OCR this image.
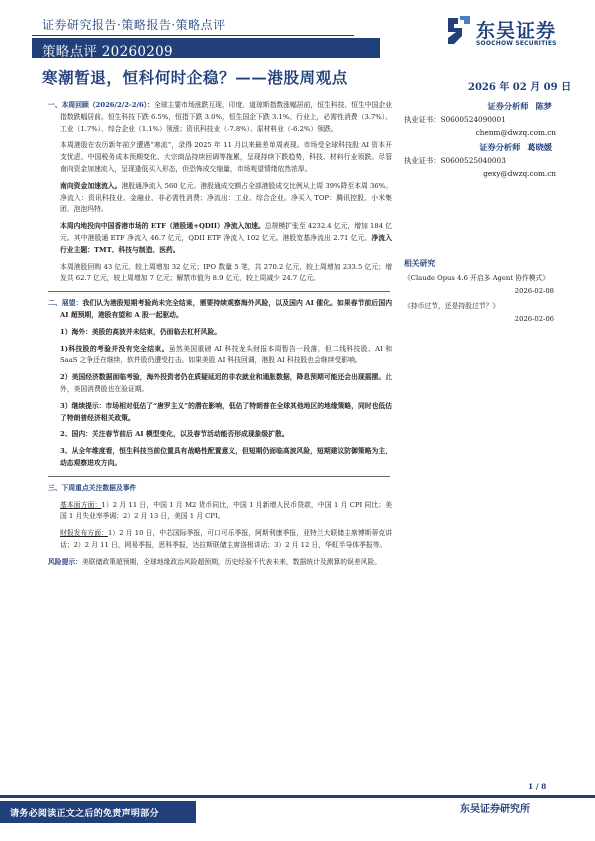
证券研究报告·策略报告·策略点评
策略点评 20260209
东吴证券
SOOCHOW SECURITIES
寒潮暂退，恒科何时企稳？——港股周观点
2026 年 02 月 09 日

一、本周回顾（2026/2/2-2/6）：全球主要市场涨跌互现，印度、道琼斯指数涨幅居前，恒生科技、恒生中国企业指数跌幅居前。恒生科技下跌 6.5%，恒指下跌 3.0%，恒生国企下跌 3.1%。行业上，必需性消费（3.7%）、工业（1.7%）、综合企业（1.1%）领涨；资讯科技业（-7.8%）、原材料业（-6.2%）领跌。

本周港股在农历新年前夕遭遇“寒流”，录得 2025 年 11 月以来最差单周表现。市场受全球科技股 AI 资本开支忧虑、中国税务成本预期变化、大宗商品持续回调等拖累，呈现持续下跌趋势，科技、材料行业领跌。尽管南向资金加速流入，呈现逢低买入形态，但恐怖成交缩量，市场观望情绪依然浓厚。

南向资金加速流入。港股通净流入 560 亿元。港股通成交额占全部港股成交比例从上周 39%降至本周 36%。净流入：资讯科技业、金融业、非必需性消费；净流出：工业、综合企业。净买入 TOP：腾讯控股、小米集团、泡泡玛特。

本周内地投向中国香港市场的 ETF（港股通+QDII）净流入加速。总规模扩张至 4232.4 亿元，增加 184 亿元。其中港股通 ETF 净流入 46.7 亿元，QDII ETF 净流入 102 亿元。港股宽基净流出 2.71 亿元。净流入行业主题：TMT、科技与制造、医药。

本周港股回购 43 亿元，较上周增加 32 亿元；IPO 数量 5 笔，共 270.2 亿元，较上周增加 233.5 亿元；增发共 62.7 亿元，较上周增加 7 亿元；解禁市值为 8.9 亿元，较上周减少 24.7 亿元。

二、展望：我们认为港股短期考验尚未完全结束，需要持续观察海外风险，以及国内 AI 催化。如果春节前后国内 AI 超预期，港股有望和 A 股一起驱动。

1）海外：美股的高波并未结束，仍面临去杠杆风险。

1)科技股的考验并没有完全结束。虽然美国重磅 AI 科技龙头财报本周暂告一段落，但二线科技股、AI 和 SaaS 之争还在继续，软件股仍遭受打击。如果美股 AI 科技回调，港股 AI 科技股也会继续受影响。

2）美国经济数据面临考验，海外投资者仍在质疑延迟的非农就业和通胀数据，降息预期可能还会出现摇摆。此外，美国消费股也在验证期。

3）继续提示：市场相对低估了“唐罗主义”的潜在影响，低估了特朗普在全球其他地区的地缘策略，同时也低估了特朗普经济相关政策。

2、国内：关注春节前后 AI 模型变化，以及春节活动能否形成现象级扩散。

3、从全年维度看，恒生科技当前位置具有战略性配置意义，但短期仍面临高波风险，短期建议防御策略为主，动态观察进攻方向。

三、下周重点关注数据及事件

基本面方面：1）2 月 11 日，中国 1 月 M2 货币同比，中国 1 月新增人民币贷款，中国 1 月 CPI 同比；美国 1 月失业率季调；2）2 月 13 日，美国 1 月 CPI。

财报发布方面：1）2 月 10 日，中芯国际季报，可口可乐季报，阿斯利康季报，亚特兰大联储主席博斯蒂克讲话；2）2 月 11 日，网易季报，思科季报，达拉斯联储主席洛根讲话；3）2 月 12 日，华虹半导体季报等。

风险提示：美联储政策超预期，全球地缘政治风险超预期，历史经验不代表未来，数据统计及测算的误差风险。

证券分析师 陈梦
执业证书：S0600524090001
chenm@dwzq.com.cn
证券分析师 葛晓媛
执业证书：S0600525040003
gexy@dwzq.com.cn
相关研究
《Claude Opus 4.6 开启多 Agent 协作模式》
2026-02-08
《持币过节，还是持股过节？》
2026-02-06
1 / 8
请务必阅读正文之后的免责声明部分	东吴证券研究所
